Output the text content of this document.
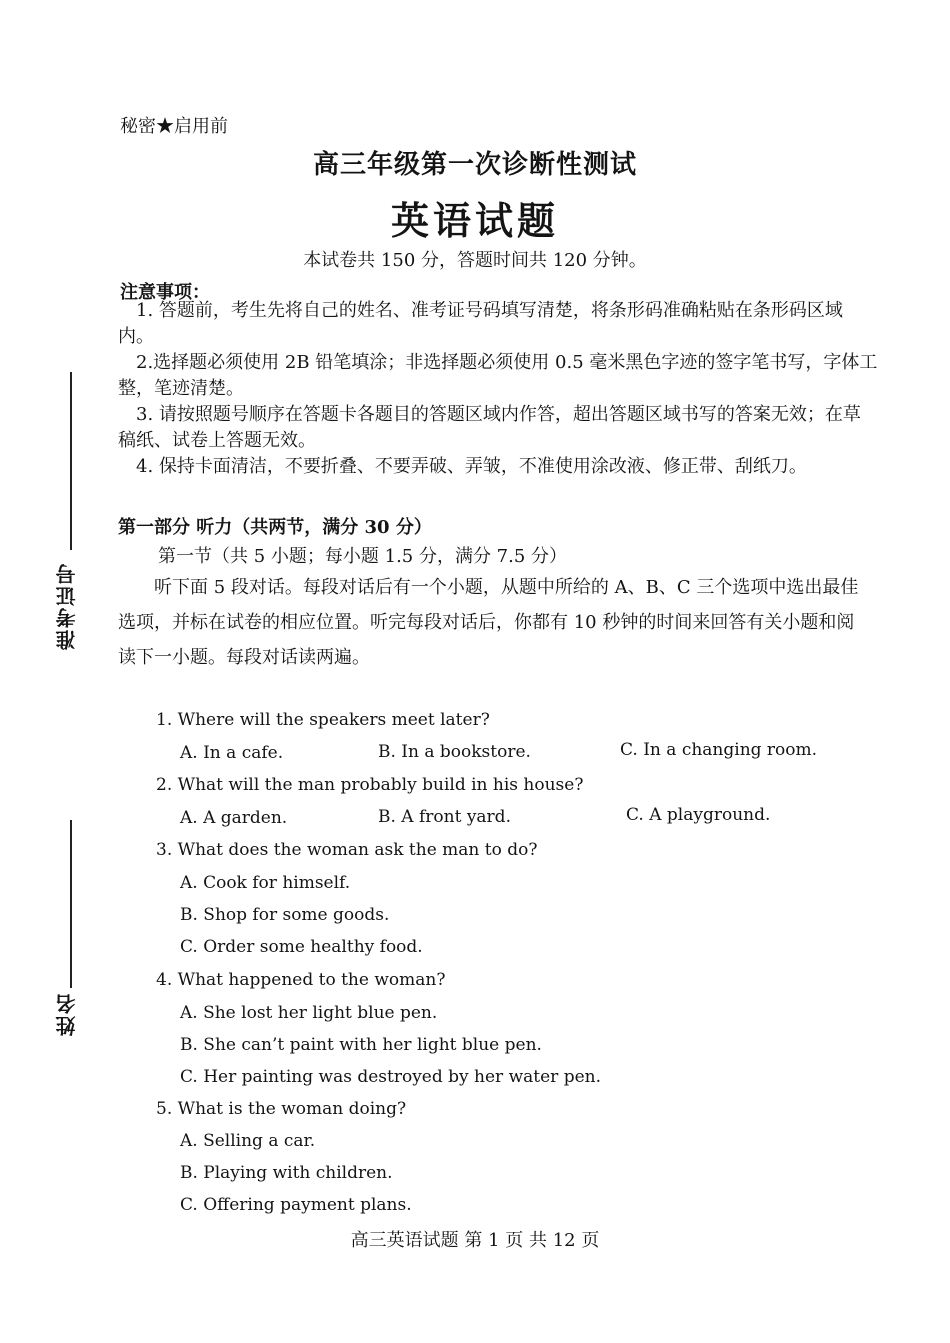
准考证号
姓名
秘密★启用前
高三年级第一次诊断性测试
英语试题
本试卷共 150 分，答题时间共 120 分钟。
注意事项：

1. 答题前，考生先将自己的姓名、准考证号码填写清楚，将条形码准确粘贴在条形码区域内。

2.选择题必须使用 2B 铅笔填涂；非选择题必须使用 0.5 毫米黑色字迹的签字笔书写，字体工整，笔迹清楚。

3. 请按照题号顺序在答题卡各题目的答题区域内作答，超出答题区域书写的答案无效；在草稿纸、试卷上答题无效。

4. 保持卡面清洁，不要折叠、不要弄破、弄皱，不准使用涂改液、修正带、刮纸刀。

第一部分 听力（共两节，满分 30 分）
第一节（共 5 小题；每小题 1.5 分，满分 7.5 分）
听下面 5 段对话。每段对话后有一个小题，从题中所给的 A、B、C 三个选项中选出最佳选项，并标在试卷的相应位置。听完每段对话后，你都有 10 秒钟的时间来回答有关小题和阅读下一小题。每段对话读两遍。
1. Where will the speakers meet later?
A. In a cafe.	B. In a bookstore.	C. In a changing room.
2. What will the man probably build in his house?
A. A garden.	B. A front yard.	C. A playground.
3. What does the woman ask the man to do?
A. Cook for himself.
B. Shop for some goods.
C. Order some healthy food.
4. What happened to the woman?
A. She lost her light blue pen.
B. She can’t paint with her light blue pen.
C. Her painting was destroyed by her water pen.
5. What is the woman doing?
A. Selling a car.
B. Playing with children.
C. Offering payment plans.
高三英语试题 第 1 页 共 12 页
